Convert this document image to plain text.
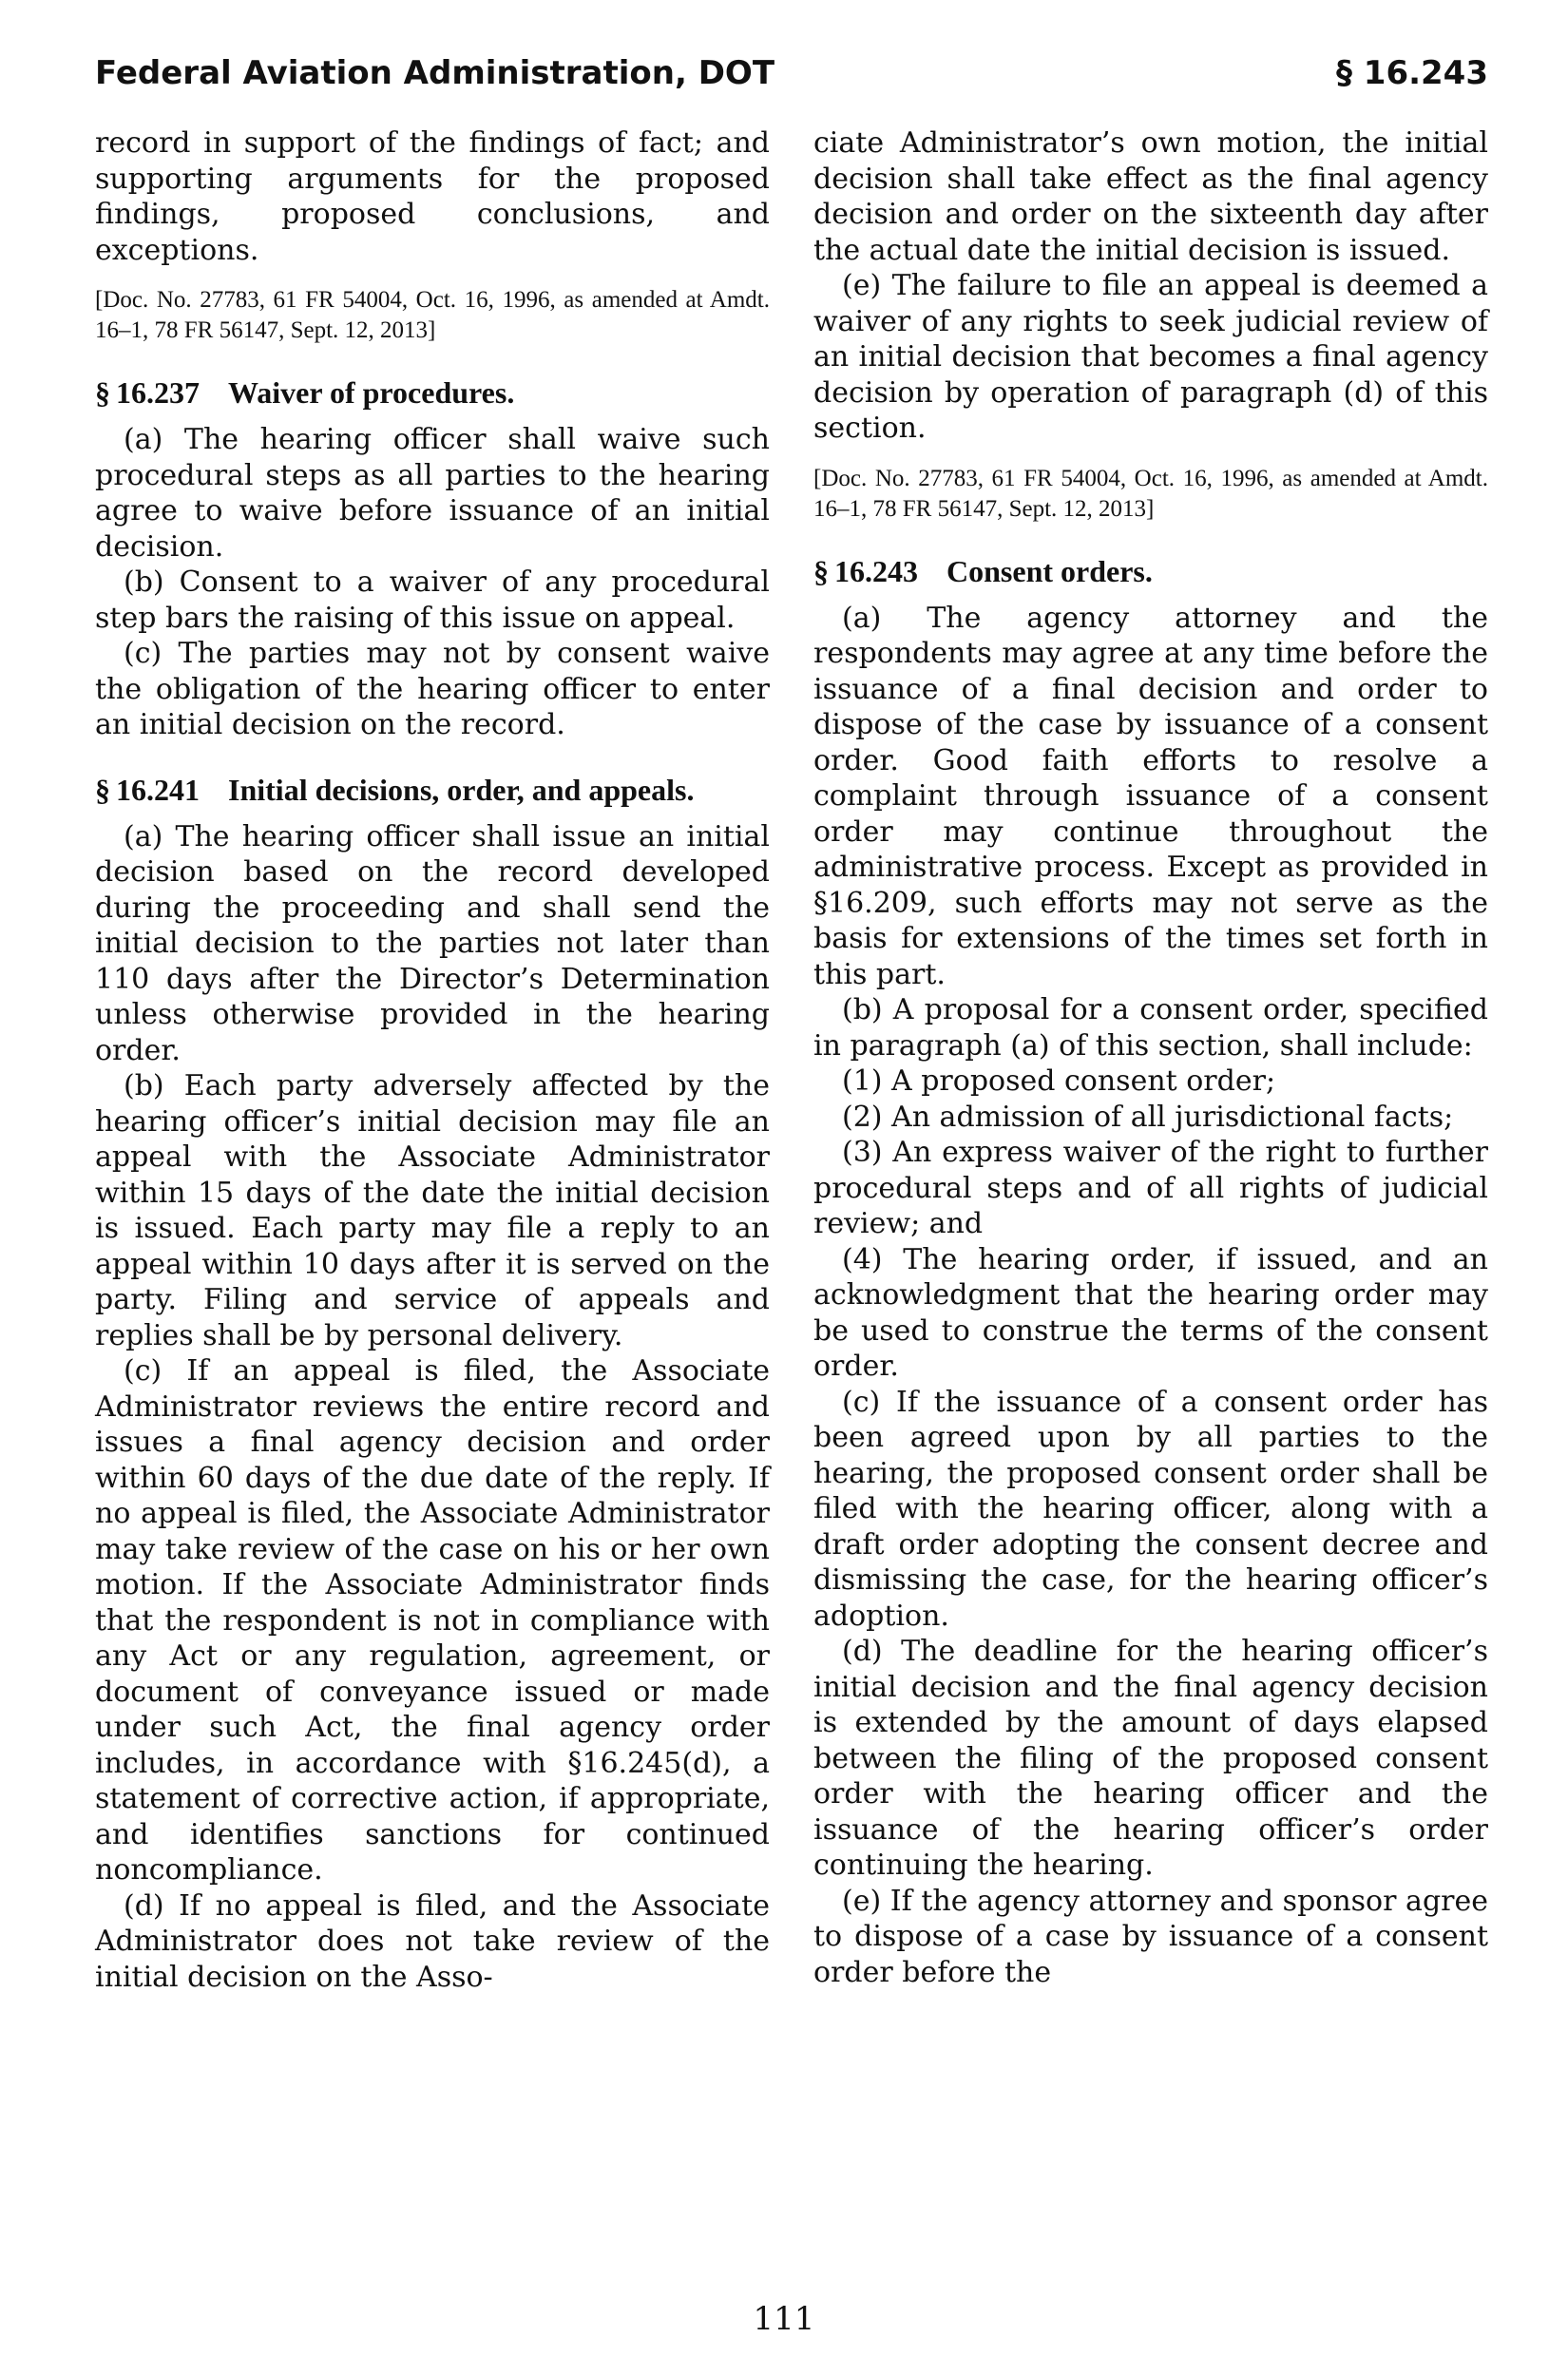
Federal Aviation Administration, DOT	§ 16.243

record in support of the findings of fact; and supporting arguments for the proposed findings, proposed conclusions, and exceptions.

[Doc. No. 27783, 61 FR 54004, Oct. 16, 1996, as amended at Amdt. 16–1, 78 FR 56147, Sept. 12, 2013]

§ 16.237 Waiver of procedures.

(a) The hearing officer shall waive such procedural steps as all parties to the hearing agree to waive before issuance of an initial decision.

(b) Consent to a waiver of any procedural step bars the raising of this issue on appeal.

(c) The parties may not by consent waive the obligation of the hearing officer to enter an initial decision on the record.

§ 16.241 Initial decisions, order, and appeals.

(a) The hearing officer shall issue an initial decision based on the record developed during the proceeding and shall send the initial decision to the parties not later than 110 days after the Director’s Determination unless otherwise provided in the hearing order.

(b) Each party adversely affected by the hearing officer’s initial decision may file an appeal with the Associate Administrator within 15 days of the date the initial decision is issued. Each party may file a reply to an appeal within 10 days after it is served on the party. Filing and service of appeals and replies shall be by personal delivery.

(c) If an appeal is filed, the Associate Administrator reviews the entire record and issues a final agency decision and order within 60 days of the due date of the reply. If no appeal is filed, the Associate Administrator may take review of the case on his or her own motion. If the Associate Administrator finds that the respondent is not in compliance with any Act or any regulation, agreement, or document of conveyance issued or made under such Act, the final agency order includes, in accordance with §16.245(d), a statement of corrective action, if appropriate, and identifies sanctions for continued noncompliance.

(d) If no appeal is filed, and the Associate Administrator does not take review of the initial decision on the Asso-

ciate Administrator’s own motion, the initial decision shall take effect as the final agency decision and order on the sixteenth day after the actual date the initial decision is issued.

(e) The failure to file an appeal is deemed a waiver of any rights to seek judicial review of an initial decision that becomes a final agency decision by operation of paragraph (d) of this section.

[Doc. No. 27783, 61 FR 54004, Oct. 16, 1996, as amended at Amdt. 16–1, 78 FR 56147, Sept. 12, 2013]

§ 16.243 Consent orders.

(a) The agency attorney and the respondents may agree at any time before the issuance of a final decision and order to dispose of the case by issuance of a consent order. Good faith efforts to resolve a complaint through issuance of a consent order may continue throughout the administrative process. Except as provided in §16.209, such efforts may not serve as the basis for extensions of the times set forth in this part.

(b) A proposal for a consent order, specified in paragraph (a) of this section, shall include:

(1) A proposed consent order;

(2) An admission of all jurisdictional facts;

(3) An express waiver of the right to further procedural steps and of all rights of judicial review; and

(4) The hearing order, if issued, and an acknowledgment that the hearing order may be used to construe the terms of the consent order.

(c) If the issuance of a consent order has been agreed upon by all parties to the hearing, the proposed consent order shall be filed with the hearing officer, along with a draft order adopting the consent decree and dismissing the case, for the hearing officer’s adoption.

(d) The deadline for the hearing officer’s initial decision and the final agency decision is extended by the amount of days elapsed between the filing of the proposed consent order with the hearing officer and the issuance of the hearing officer’s order continuing the hearing.

(e) If the agency attorney and sponsor agree to dispose of a case by issuance of a consent order before the

111
